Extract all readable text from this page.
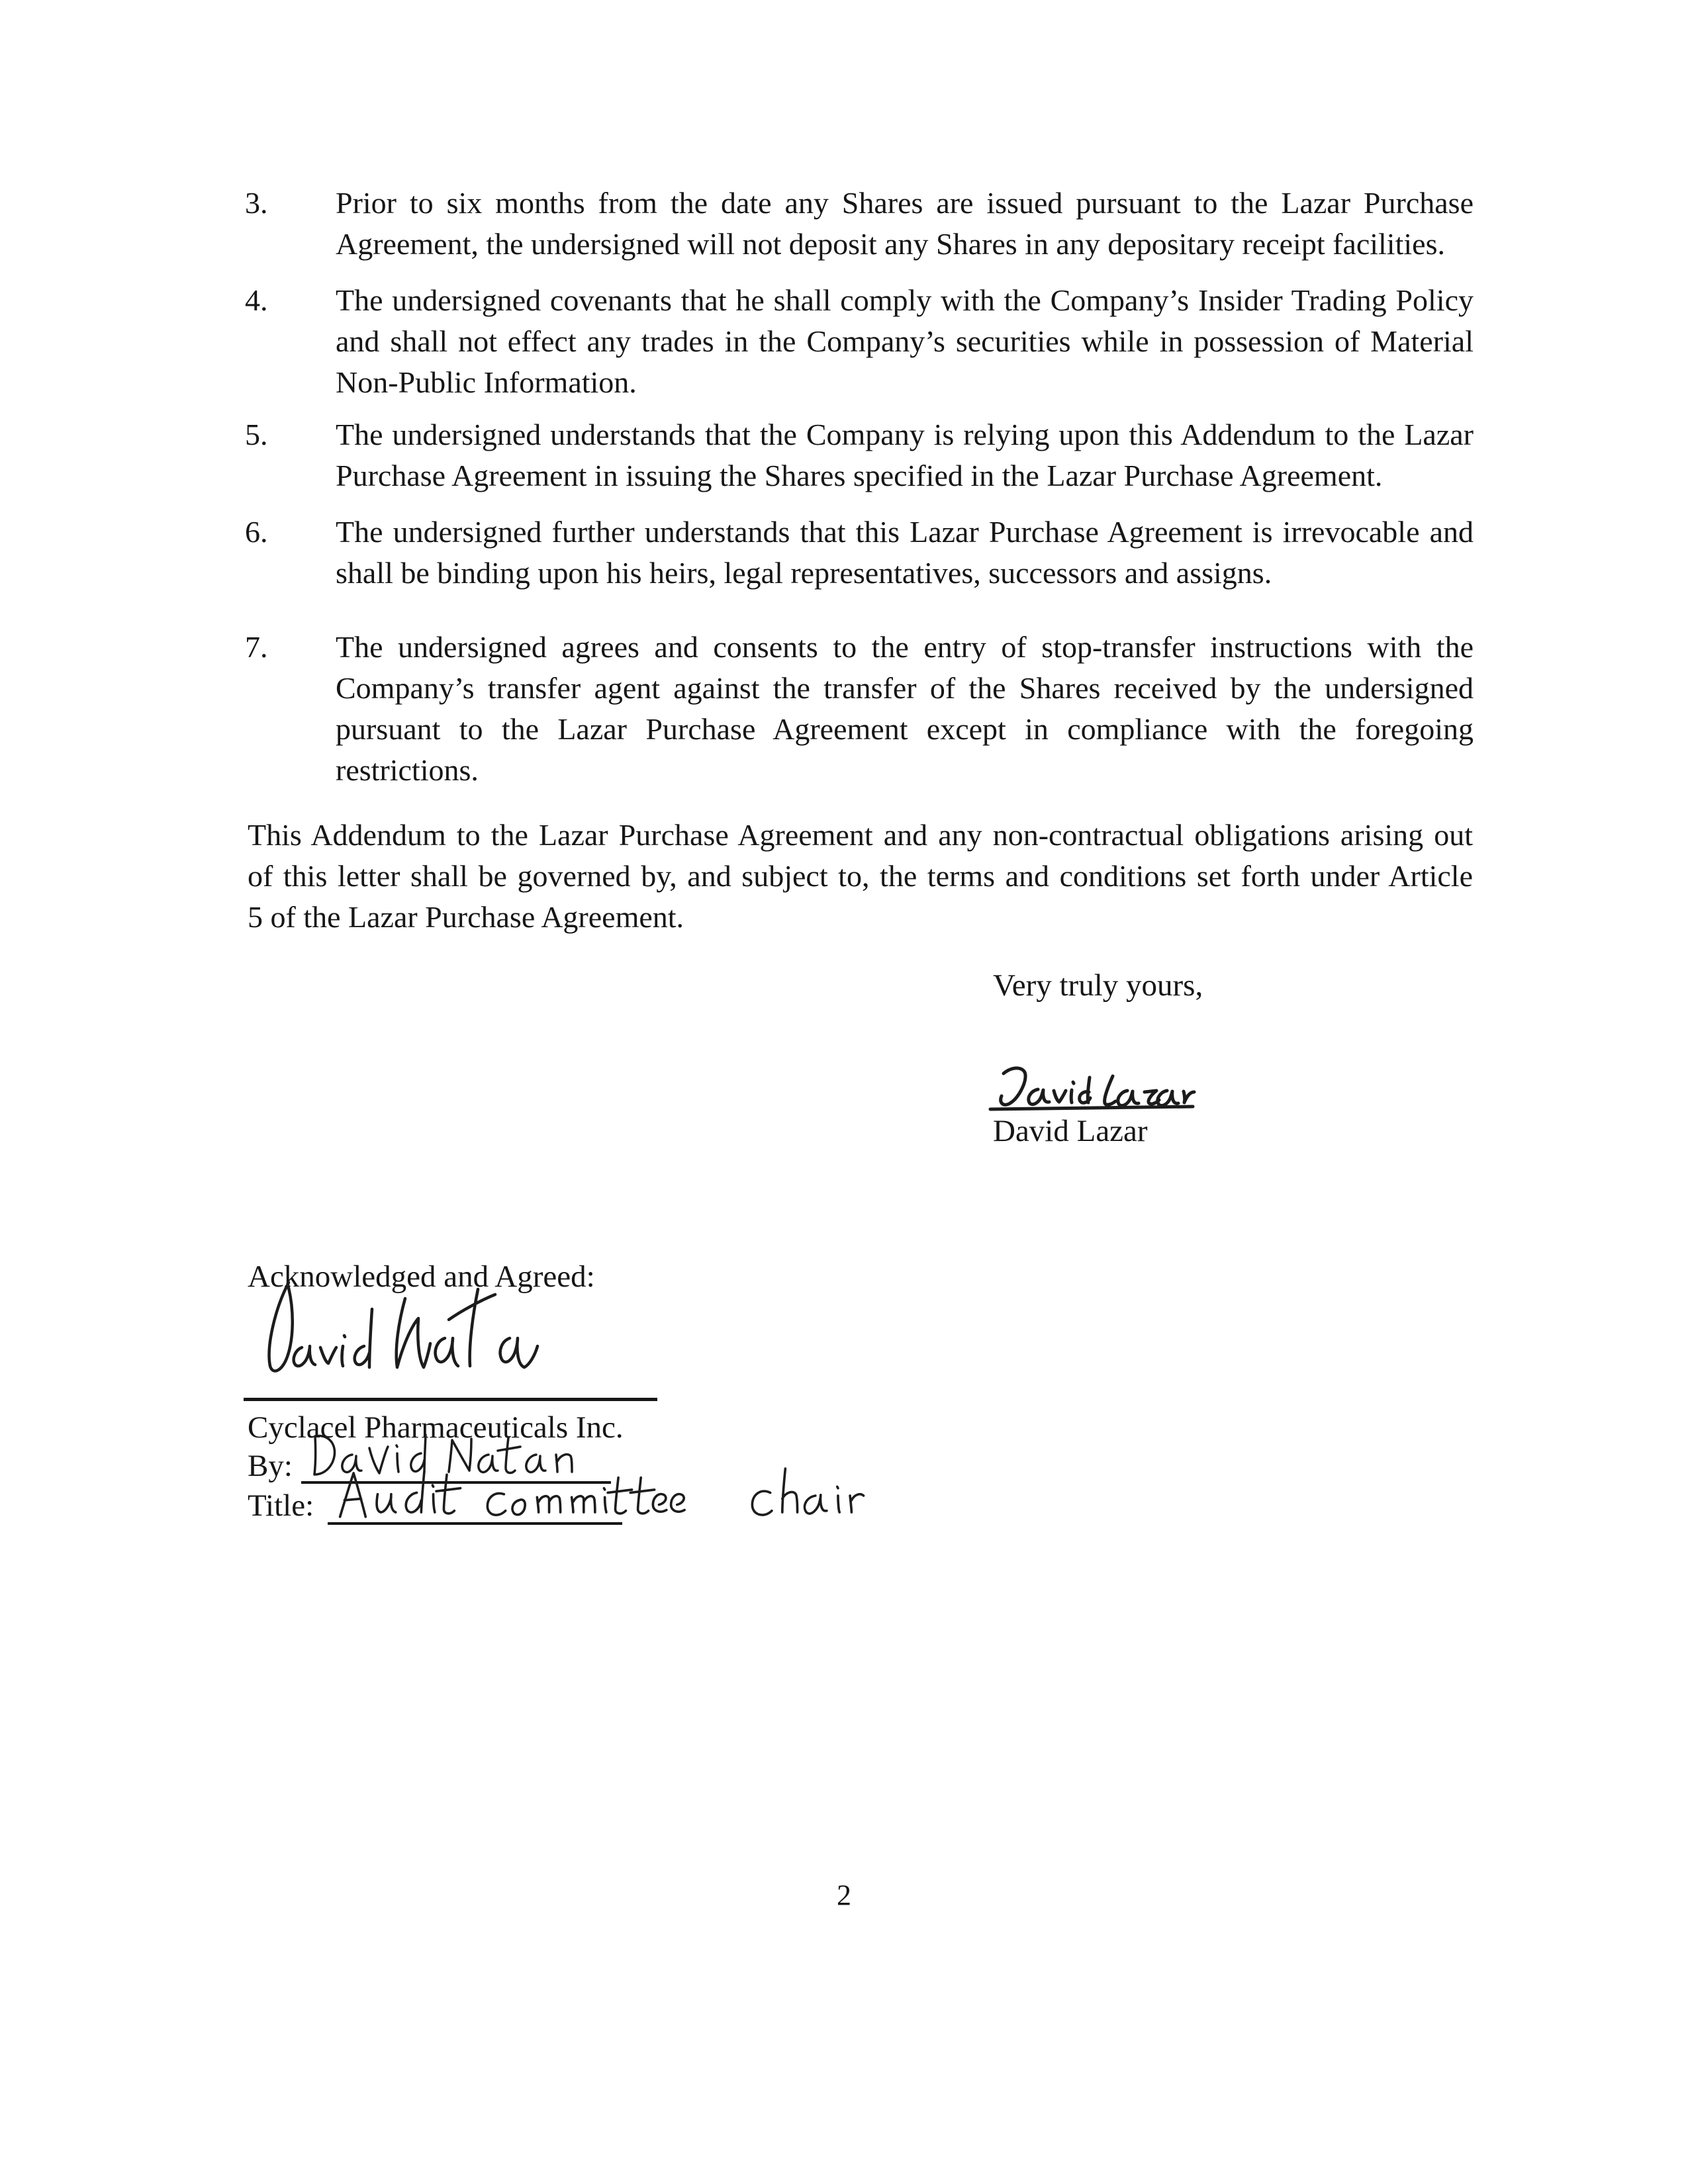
3.	Prior to six months from the date any Shares are issued pursuant to the Lazar Purchase
Agreement, the undersigned will not deposit any Shares in any depositary receipt facilities.
4.	The undersigned covenants that he shall comply with the Company’s Insider Trading Policy
and shall not effect any trades in the Company’s securities while in possession of Material
Non-Public Information.
5.	The undersigned understands that the Company is relying upon this Addendum to the Lazar
Purchase Agreement in issuing the Shares specified in the Lazar Purchase Agreement.
6.	The undersigned further understands that this Lazar Purchase Agreement is irrevocable and
shall be binding upon his heirs, legal representatives, successors and assigns.
7.	The undersigned agrees and consents to the entry of stop-transfer instructions with the
Company’s transfer agent against the transfer of the Shares received by the undersigned
pursuant to the Lazar Purchase Agreement except in compliance with the foregoing
restrictions.
This Addendum to the Lazar Purchase Agreement and any non-contractual obligations arising out
of this letter shall be governed by, and subject to, the terms and conditions set forth under Article
5 of the Lazar Purchase Agreement.
Very truly yours,
David Lazar
Acknowledged and Agreed:
Cyclacel Pharmaceuticals Inc.
By:
Title:
2
